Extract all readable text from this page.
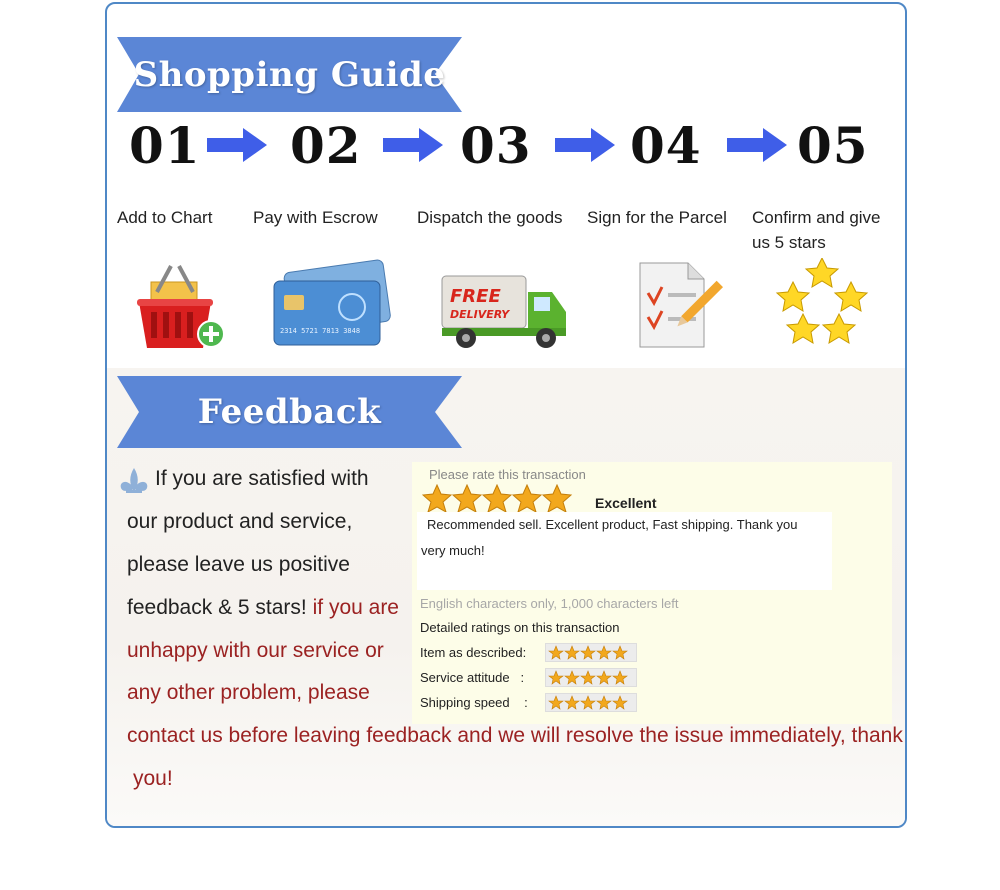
Shopping Guide
01 02 03 04 05
Add to Chart	Pay with Escrow	Dispatch the goods	Sign for the Parcel	Confirm and give us 5 stars
2314 5721 7813 3848
FREE
DELIVERY
Feedback
If you are satisfied with
our product and service,
please leave us positive
feedback & 5 stars! if you are
unhappy with our service or
any other problem, please
contact us before leaving feedback and we will resolve the issue immediately, thank
you!
Please rate this transaction
Excellent
Recommended sell. Excellent product, Fast shipping. Thank you
very much!
English characters only, 1,000 characters left
Detailed ratings on this transaction
Item as described:
Service attitude   :
Shipping speed    :
